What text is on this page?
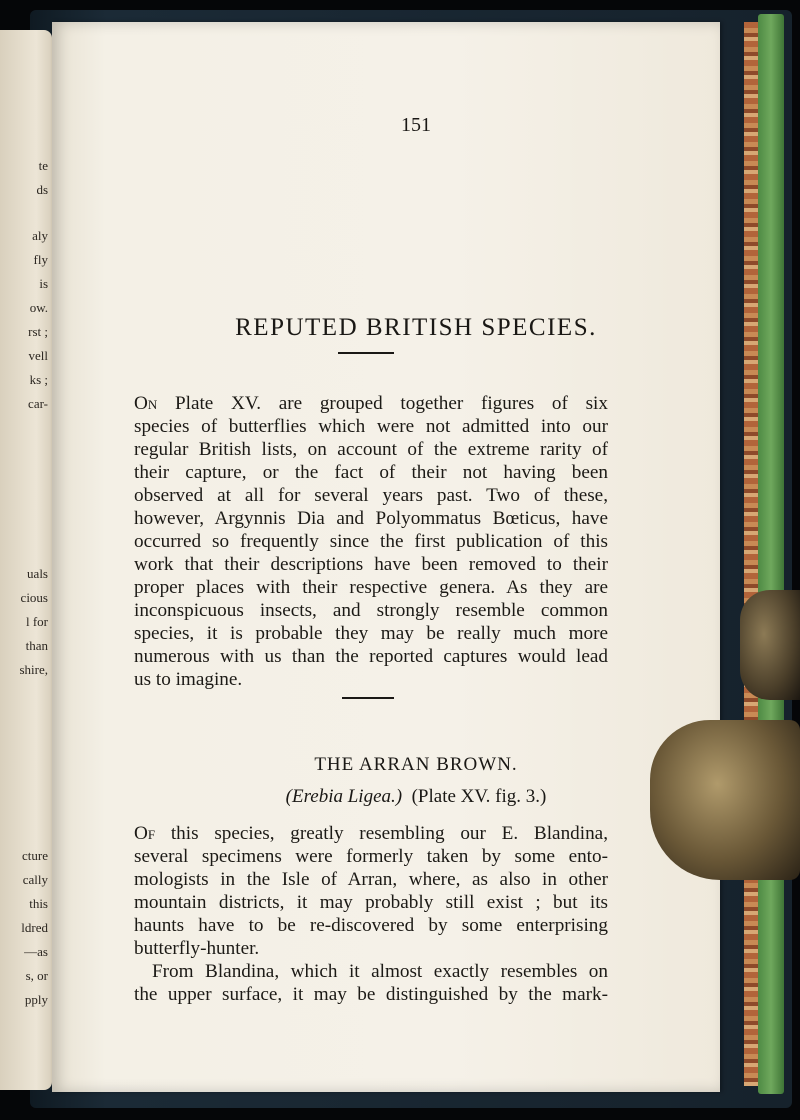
te
ds
aly
fly
is
ow.
rst ;
vell
ks ;
car-
uals
cious
l for
than
shire,
cture
cally
this
ldred
—as
s, or
pply
151
REPUTED BRITISH SPECIES.
On Plate XV. are grouped together figures of six
species of butterflies which were not admitted into our
regular British lists, on account of the extreme rarity of
their capture, or the fact of their not having been
observed at all for several years past. Two of these,
however, Argynnis Dia and Polyommatus Bœticus, have
occurred so frequently since the first publication of this
work that their descriptions have been removed to their
proper places with their respective genera. As they are
inconspicuous insects, and strongly resemble common
species, it is probable they may be really much more
numerous with us than the reported captures would lead
us to imagine.
THE ARRAN BROWN.
(Erebia Ligea.) (Plate XV. fig. 3.)
Of this species, greatly resembling our E. Blandina,
several specimens were formerly taken by some ento-
mologists in the Isle of Arran, where, as also in other
mountain districts, it may probably still exist ; but its
haunts have to be re-discovered by some enterprising
butterfly-hunter.
From Blandina, which it almost exactly resembles on
the upper surface, it may be distinguished by the mark-
